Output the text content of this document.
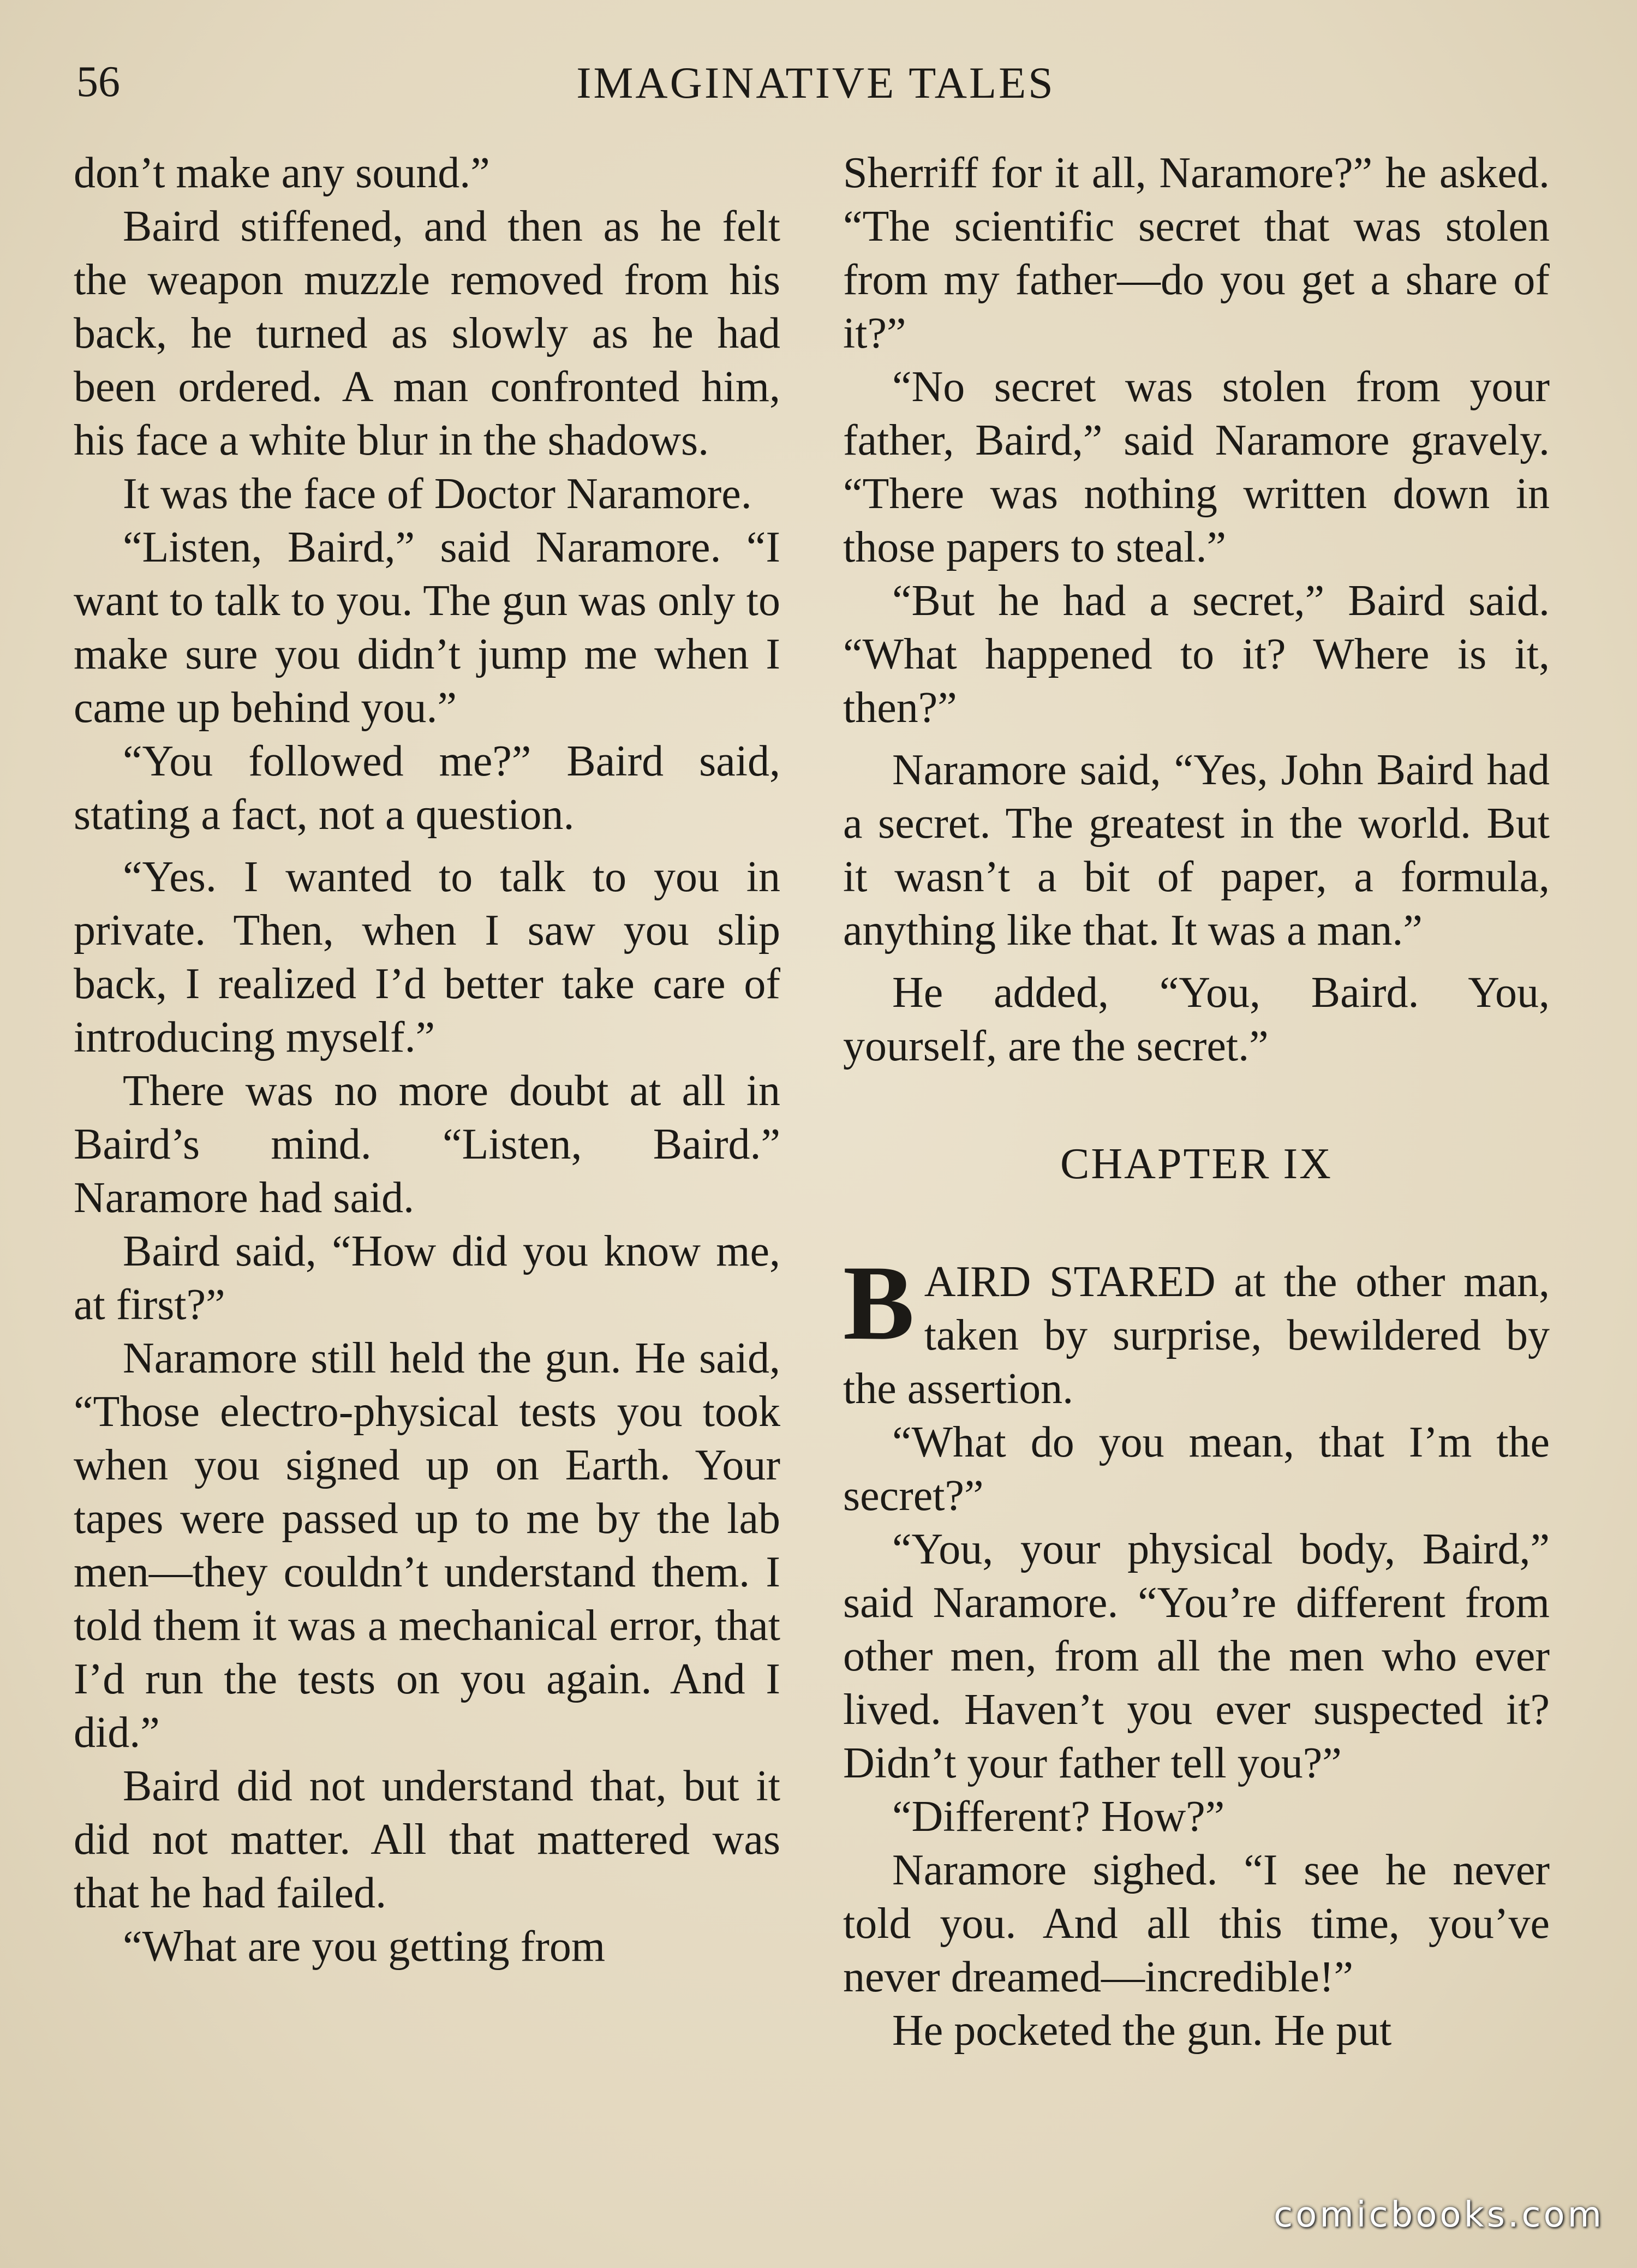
56	IMAGINATIVE TALES

don’t make any sound.”

Baird stiffened, and then as he felt the weapon muzzle removed from his back, he turned as slowly as he had been ordered. A man confronted him, his face a white blur in the shadows.

It was the face of Doctor Naramore.

“Listen, Baird,” said Naramore. “I want to talk to you. The gun was only to make sure you didn’t jump me when I came up behind you.”

“You followed me?” Baird said, stating a fact, not a question.

“Yes. I wanted to talk to you in private. Then, when I saw you slip back, I realized I’d better take care of introducing myself.”

There was no more doubt at all in Baird’s mind. “Listen, Baird.” Naramore had said.

Baird said, “How did you know me, at first?”

Naramore still held the gun. He said, “Those electro-physical tests you took when you signed up on Earth. Your tapes were passed up to me by the lab men—they couldn’t understand them. I told them it was a mechanical error, that I’d run the tests on you again. And I did.”

Baird did not understand that, but it did not matter. All that mattered was that he had failed.

“What are you getting from

Sherriff for it all, Naramore?” he asked. “The scientific secret that was stolen from my father—do you get a share of it?”

“No secret was stolen from your father, Baird,” said Naramore gravely. “There was nothing written down in those papers to steal.”

“But he had a secret,” Baird said. “What happened to it? Where is it, then?”

Naramore said, “Yes, John Baird had a secret. The greatest in the world. But it wasn’t a bit of paper, a formula, anything like that. It was a man.”

He added, “You, Baird. You, yourself, are the secret.”

CHAPTER IX

BAIRD STARED at the other man, taken by surprise, bewildered by the assertion.

“What do you mean, that I’m the secret?”

“You, your physical body, Baird,” said Naramore. “You’re different from other men, from all the men who ever lived. Haven’t you ever suspected it? Didn’t your father tell you?”

“Different? How?”

Naramore sighed. “I see he never told you. And all this time, you’ve never dreamed—incredible!”

He pocketed the gun. He put

comicbooks.com
